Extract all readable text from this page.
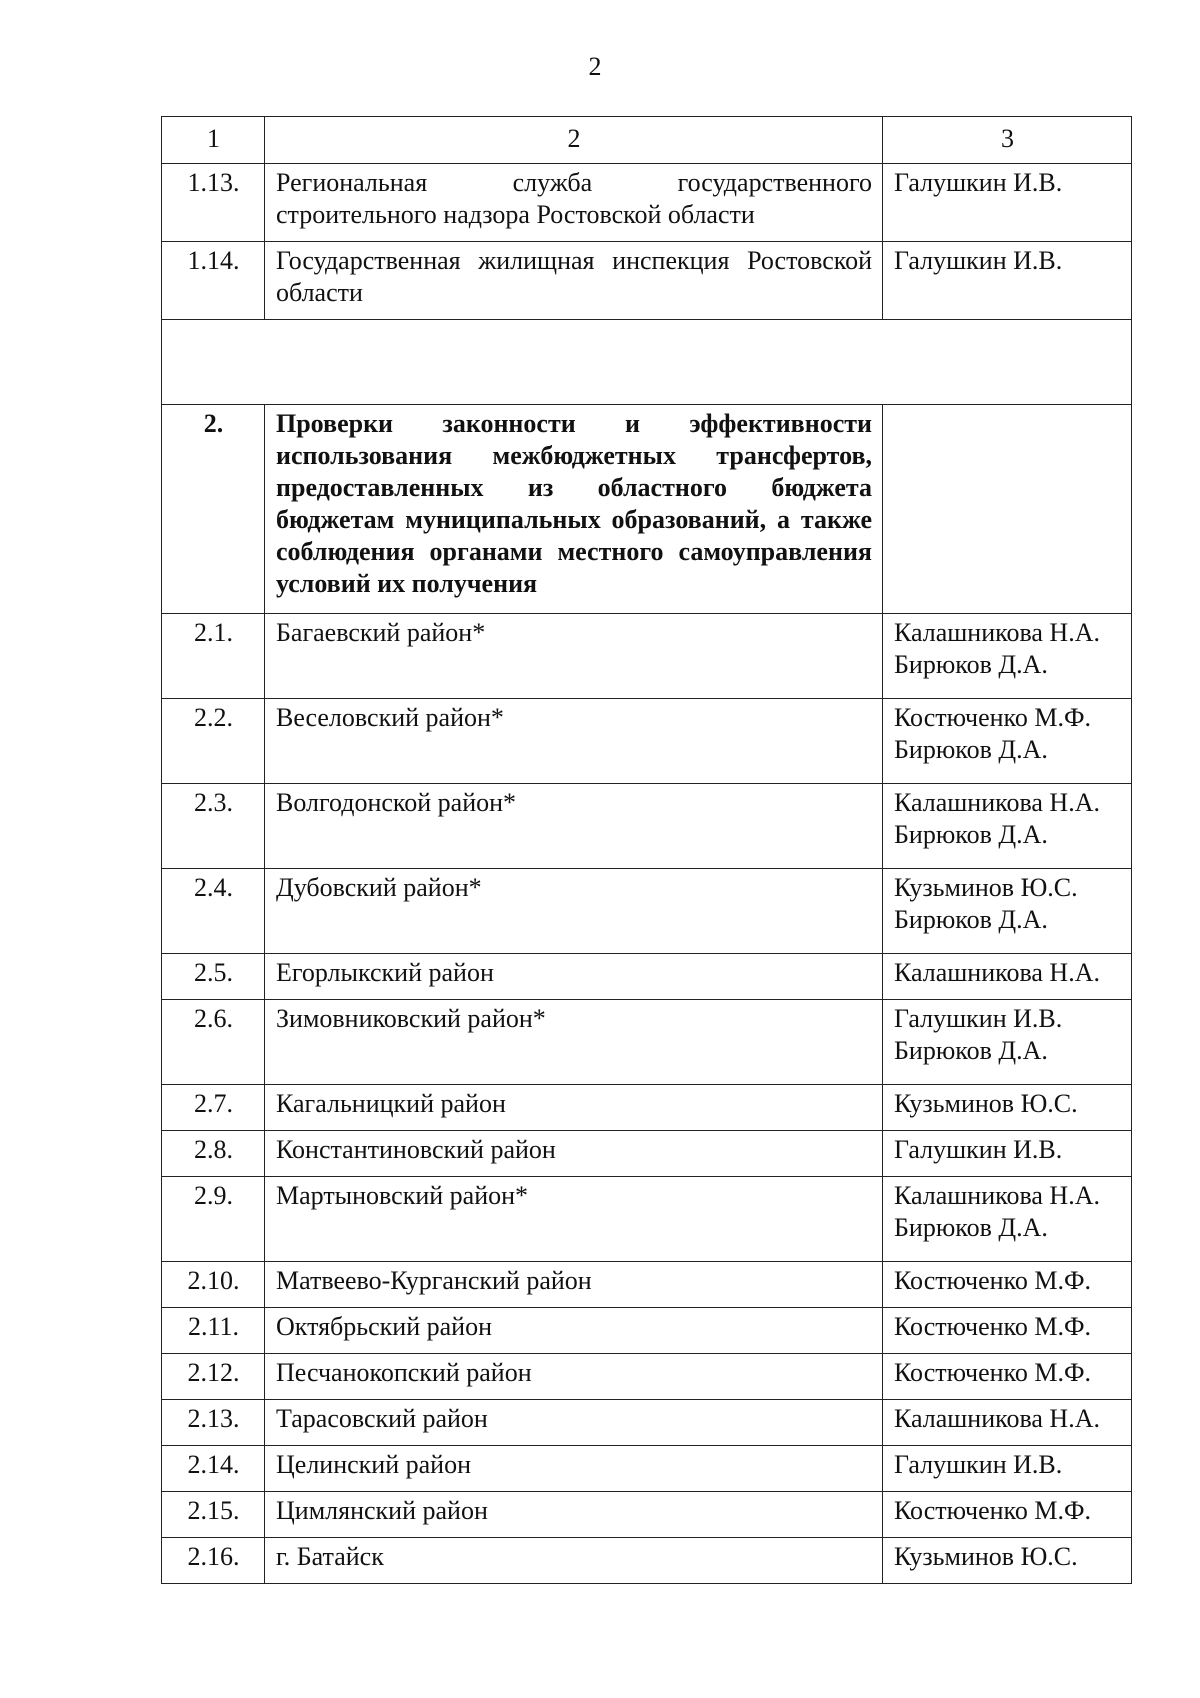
2
1	2	3
1.13.	Региональная служба государственного строительного надзора Ростовской области	Галушкин И.В.

1.14.	Государственная жилищная инспекция Ростовской области	Галушкин И.В.

2.	Проверки законности и эффективности использования межбюджетных трансфертов, предоставленных из областного бюджета бюджетам муниципальных образований, а также соблюдения органами местного самоуправления условий их получения	
2.1.	Багаевский район*	Калашникова Н.А.
Бирюков Д.А.

2.2.	Веселовский район*	Костюченко М.Ф.
Бирюков Д.А.

2.3.	Волгодонской район*	Калашникова Н.А.
Бирюков Д.А.

2.4.	Дубовский район*	Кузьминов Ю.С.
Бирюков Д.А.

2.5.	Егорлыкский район	Калашникова Н.А.

2.6.	Зимовниковский район*	Галушкин И.В.
Бирюков Д.А.

2.7.	Кагальницкий район	Кузьминов Ю.С.

2.8.	Константиновский район	Галушкин И.В.

2.9.	Мартыновский район*	Калашникова Н.А.
Бирюков Д.А.

2.10.	Матвеево-Курганский район	Костюченко М.Ф.

2.11.	Октябрьский район	Костюченко М.Ф.

2.12.	Песчанокопский район	Костюченко М.Ф.

2.13.	Тарасовский район	Калашникова Н.А.

2.14.	Целинский район	Галушкин И.В.

2.15.	Цимлянский район	Костюченко М.Ф.

2.16.	г. Батайск	Кузьминов Ю.С.
